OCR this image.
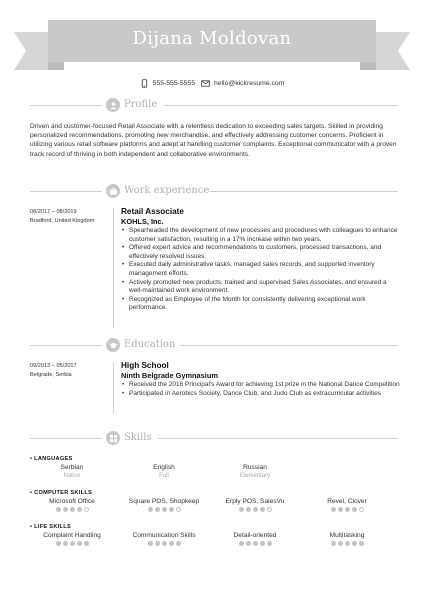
Dijana Moldovan
555-555-5555	hello@kickresume.com
Profile
Driven and customer-focused Retail Associate with a relentless dedication to exceeding sales targets. Skilled in providing personalized recommendations, promoting new merchandise, and effectively addressing customer concerns. Proficient in utilizing various retail software platforms and adept at handling customer complaints. Exceptional communicator with a proven track record of thriving in both independent and collaborative environments.
Work experience
08/2017 – 08/2019
Bradford, United Kingdom
Retail Associate
KOHLS, Inc.
• Spearheaded the development of new processes and procedures with colleagues to enhance customer satisfaction, resulting in a 17% increase within two years.
• Offered expert advice and recommendations to customers, processed transactions, and effectively resolved issues.
• Executed daily administrative tasks, managed sales records, and supported inventory management efforts.
• Actively promoted new products, trained and supervised Sales Associates, and ensured a well-maintained work environment.
• Recognized as Employee of the Month for consistently delivering exceptional work performance.
Education
09/2013 – 05/2017
Belgrade, Serbia
High School
Ninth Belgrade Gymnasium
• Received the 2016 Principal's Award for achieving 1st prize in the National Dance Competition
• Participated in Aerobics Society, Dance Club, and Judo Club as extracurricular activities
Skills
• LANGUAGES
Serbian
Native
English
Full
Russian
Elementary
• COMPUTER SKILLS
Microsoft Office	Square POS, Shopkeep	Erply POS, SalesVu	Revel, Clover
• LIFE SKILLS
Complaint Handling	Communication Skills	Detail-oriented	Multitasking
